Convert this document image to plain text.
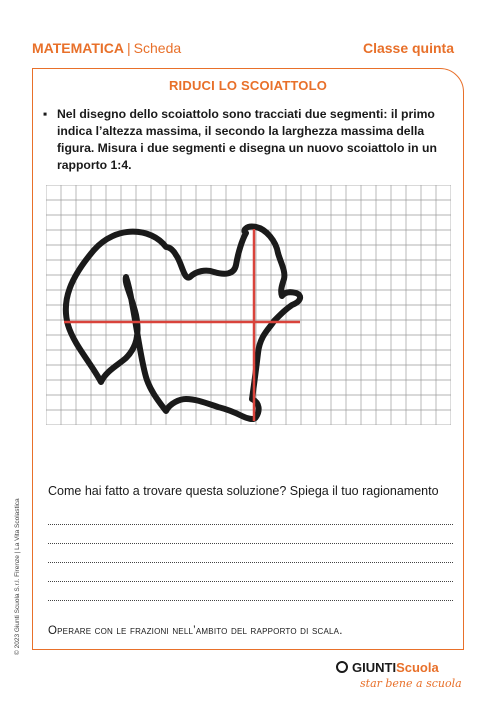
MATEMATICA | Scheda	Classe quinta
RIDUCI LO SCOIATTOLO
▪ Nel disegno dello scoiattolo sono tracciati due segmenti: il primo indica l’altezza massima, il secondo la larghezza massima della figura. Misura i due segmenti e disegna un nuovo scoiattolo in un rapporto 1:4.
Come hai fatto a trovare questa soluzione? Spiega il tuo ragionamento
Operare con le frazioni nell’ambito del rapporto di scala.
© 2023 Giunti Scuola S.r.l. Firenze | La Vita Scolastica
GIUNTIScuola
star bene a scuola
